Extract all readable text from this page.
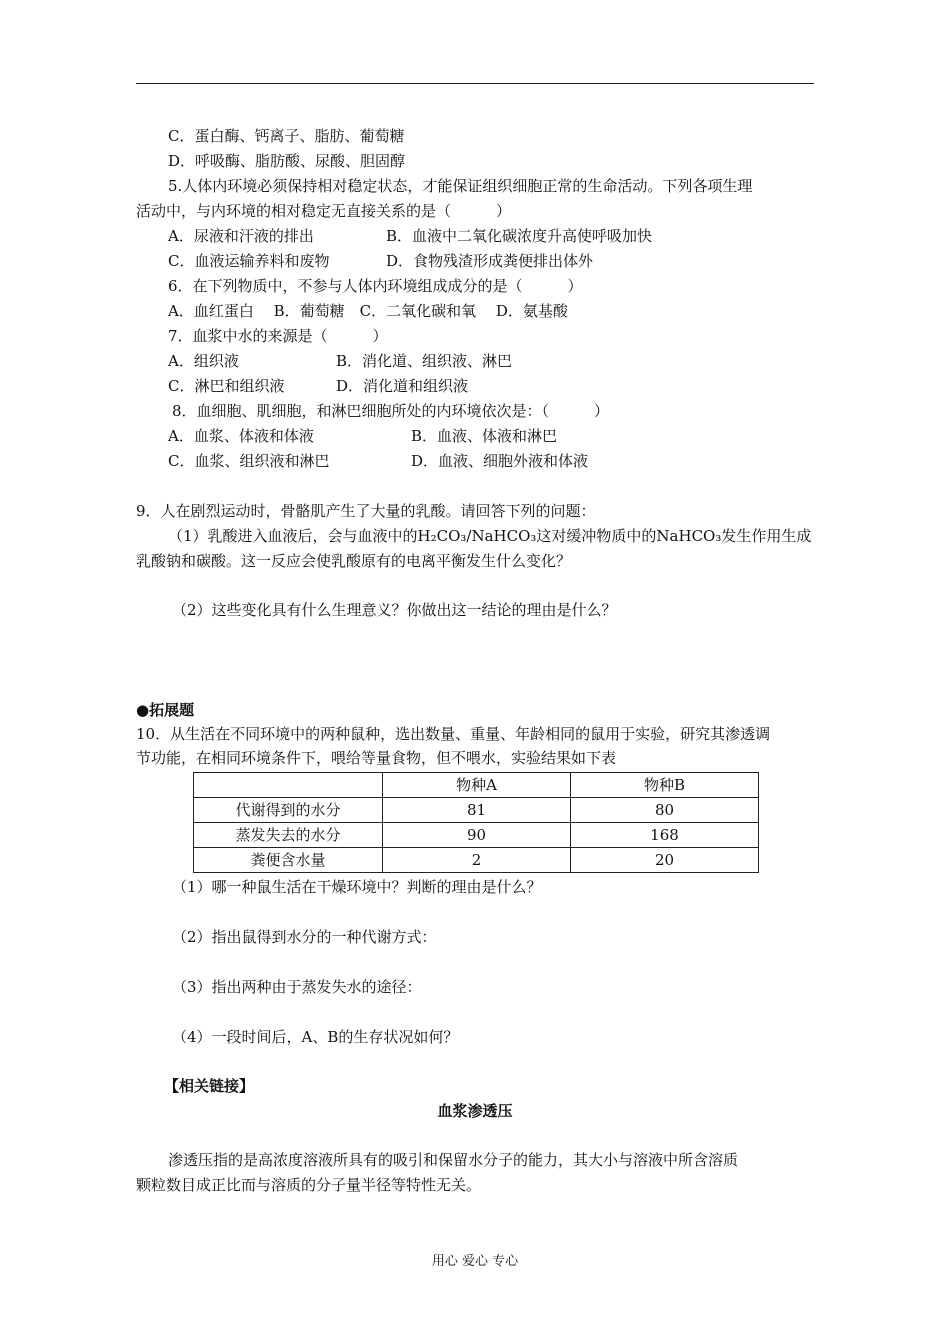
C．蛋白酶、钙离子、脂肪、葡萄糖
D．呼吸酶、脂肪酸、尿酸、胆固醇
5.人体内环境必须保持相对稳定状态，才能保证组织细胞正常的生命活动。下列各项生理
活动中，与内环境的相对稳定无直接关系的是（　　　）
A．尿液和汗液的排出	B．血液中二氧化碳浓度升高使呼吸加快
C．血液运输养料和废物	D．食物残渣形成粪便排出体外
6．在下列物质中，不参与人体内环境组成成分的是（　　　）
A．血红蛋白　 B．葡萄糖　C．二氧化碳和氧　 D．氨基酸
7．血浆中水的来源是（　　　）
A．组织液	B．消化道、组织液、淋巴
C．淋巴和组织液	D．消化道和组织液
8．血细胞、肌细胞，和淋巴细胞所处的内环境依次是：（　　　）
A．血浆、体液和体液	B．血液、体液和淋巴
C．血浆、组织液和淋巴	D．血液、细胞外液和体液
9．人在剧烈运动时，骨骼肌产生了大量的乳酸。请回答下列的问题：
（1）乳酸进入血液后，会与血液中的H₂CO₃/NaHCO₃这对缓冲物质中的NaHCO₃发生作用生成
乳酸钠和碳酸。这一反应会使乳酸原有的电离平衡发生什么变化？
（2）这些变化具有什么生理意义？你做出这一结论的理由是什么？
●拓展题
10．从生活在不同环境中的两种鼠种，选出数量、重量、年龄相同的鼠用于实验，研究其渗透调
节功能，在相同环境条件下，喂给等量食物，但不喂水，实验结果如下表
	物种A	物种B
代谢得到的水分	81	80
蒸发失去的水分	90	168
粪便含水量	2	20
（1）哪一种鼠生活在干燥环境中？判断的理由是什么？
（2）指出鼠得到水分的一种代谢方式：
（3）指出两种由于蒸发失水的途径：
（4）一段时间后，A、B的生存状况如何？
【相关链接】
血浆渗透压
渗透压指的是高浓度溶液所具有的吸引和保留水分子的能力，其大小与溶液中所含溶质
颗粒数目成正比而与溶质的分子量半径等特性无关。
用心 爱心 专心
